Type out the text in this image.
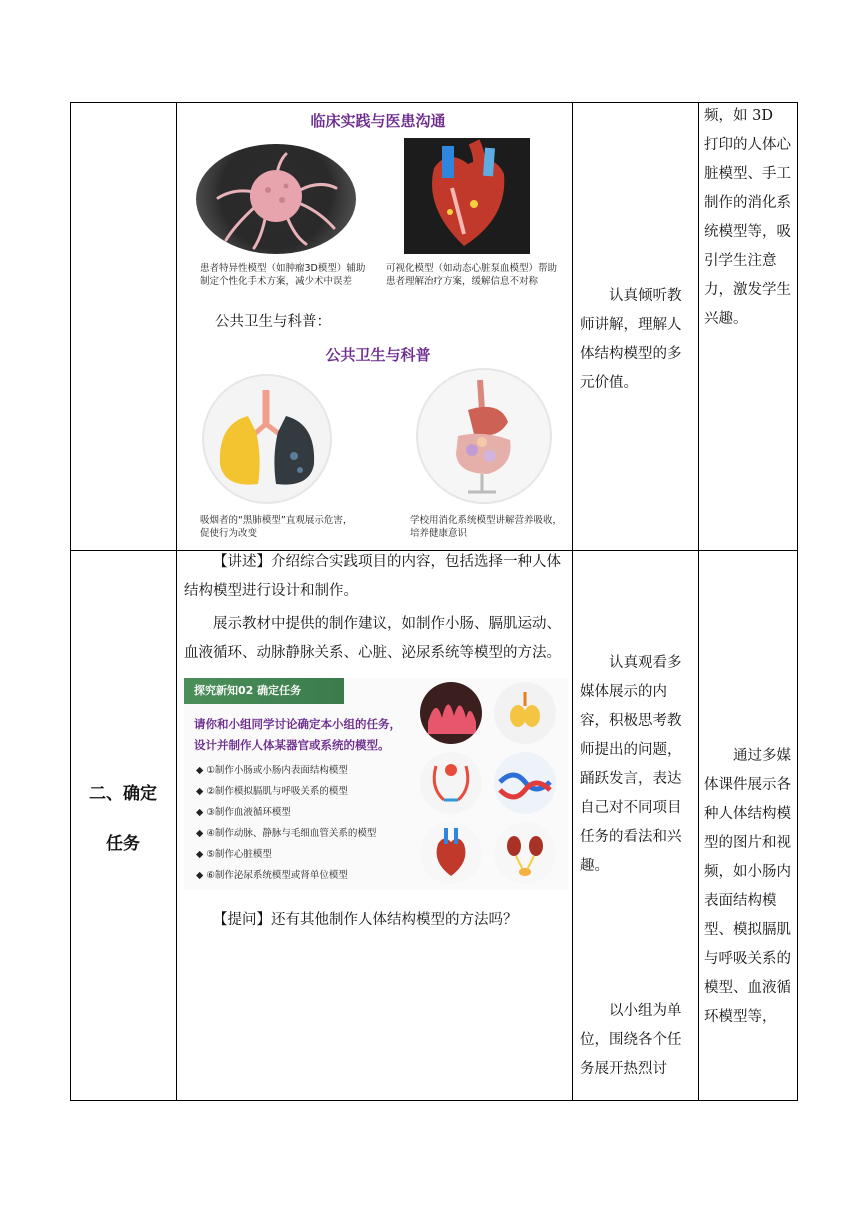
临床实践与医患沟通
患者特异性模型（如肿瘤3D模型）辅助制定个性化手术方案，减少术中误差
可视化模型（如动态心脏泵血模型）帮助患者理解治疗方案，缓解信息不对称
公共卫生与科普：
公共卫生与科普
吸烟者的“黑肺模型”直观展示危害，促使行为改变
学校用消化系统模型讲解营养吸收，培养健康意识
认真倾听教师讲解，理解人体结构模型的多元价值。
频，如 3D 打印的人体心脏模型、手工制作的消化系统模型等，吸引学生注意力，激发学生兴趣。
二、确定任务
【讲述】介绍综合实践项目的内容，包括选择一种人体结构模型进行设计和制作。
展示教材中提供的制作建议，如制作小肠、膈肌运动、血液循环、动脉静脉关系、心脏、泌尿系统等模型的方法。
探究新知02 确定任务
请你和小组同学讨论确定本小组的任务，设计并制作人体某器官或系统的模型。
◆ ①制作小肠或小肠内表面结构模型
◆ ②制作模拟膈肌与呼吸关系的模型
◆ ③制作血液循环模型
◆ ④制作动脉、静脉与毛细血管关系的模型
◆ ⑤制作心脏模型
◆ ⑥制作泌尿系统模型或肾单位模型
【提问】还有其他制作人体结构模型的方法吗？
认真观看多媒体展示的内容，积极思考教师提出的问题，踊跃发言，表达自己对不同项目任务的看法和兴趣。
以小组为单位，围绕各个任务展开热烈讨
通过多媒体课件展示各种人体结构模型的图片和视频，如小肠内表面结构模型、模拟膈肌与呼吸关系的模型、血液循环模型等，
